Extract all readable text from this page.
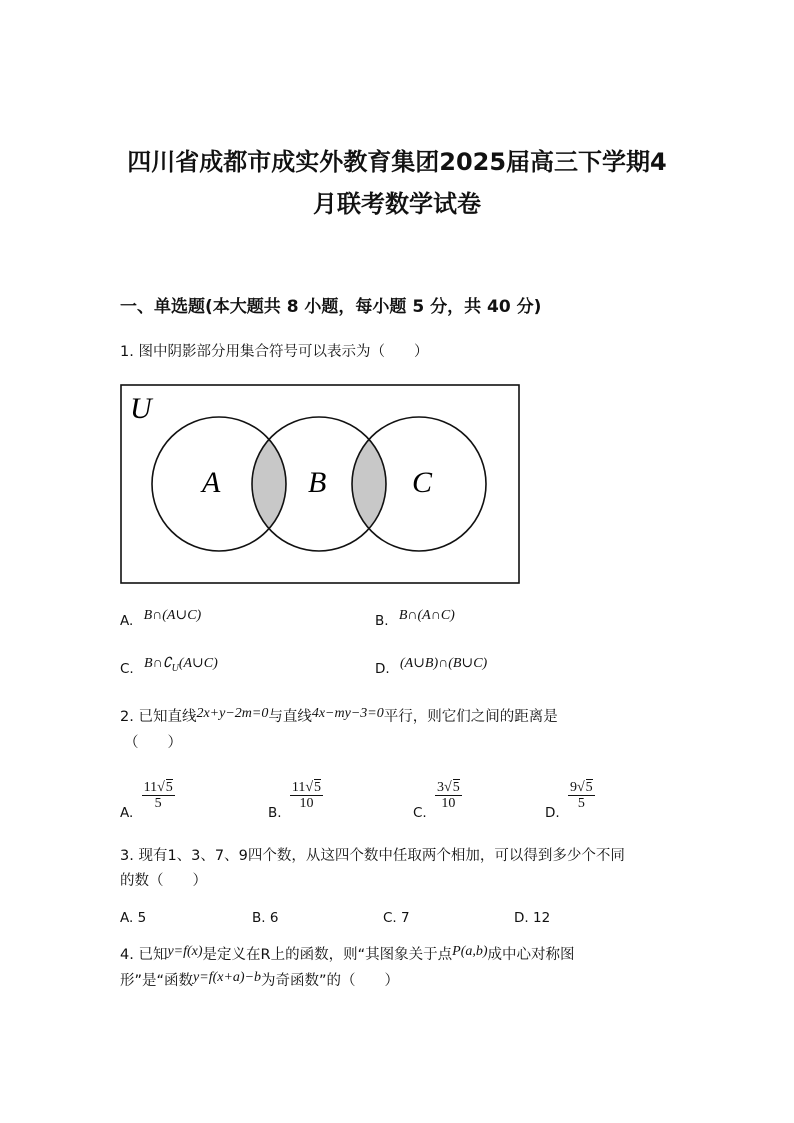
四川省成都市成实外教育集团2025届高三下学期4
月联考数学试卷
一、单选题(本大题共 8 小题，每小题 5 分，共 40 分)
1. 图中阴影部分用集合符号可以表示为（　　）
U
A	B	C
A. B∩(A∪C)	B. B∩(A∩C)
C. $B\cap∁_U(A\cup C)$	D. (A∪B)∩(B∪C)
2. 已知直线2x+y−2m=0与直线4x−my−3=0平行，则它们之间的距离是
（　　）
A.
$\frac{11√5}{5}$
B.
$\frac{11√5}{10}$
C.
$\frac{3√5}{10}$
D.
$\frac{9√5}{5}$
3. 现有1、3、7、9四个数，从这四个数中任取两个相加，可以得到多少个不同
的数（　　）
A. 5	B. 6	C. 7	D. 12
4. 已知y=f(x)是定义在R上的函数，则“其图象关于点P(a,b)成中心对称图
形”是“函数y=f(x+a)−b为奇函数”的（　　）
